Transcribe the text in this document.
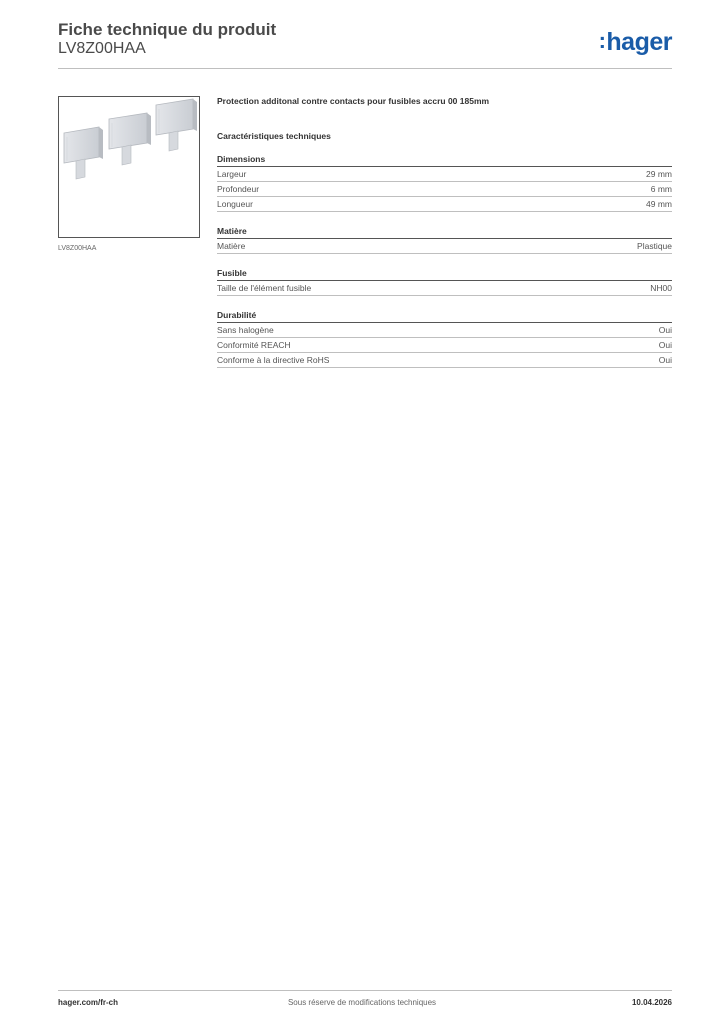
Fiche technique du produit
LV8Z00HAA	:hager
LV8Z00HAA
Protection additonal contre contacts pour fusibles accru 00 185mm
Caractéristiques techniques
Dimensions
Largeur	29 mm
Profondeur	6 mm
Longueur	49 mm
Matière
Matière	Plastique
Fusible
Taille de l'élément fusible	NH00
Durabilité
Sans halogène	Oui
Conformité REACH	Oui
Conforme à la directive RoHS	Oui
hager.com/fr-ch	Sous réserve de modifications techniques	10.04.2026
